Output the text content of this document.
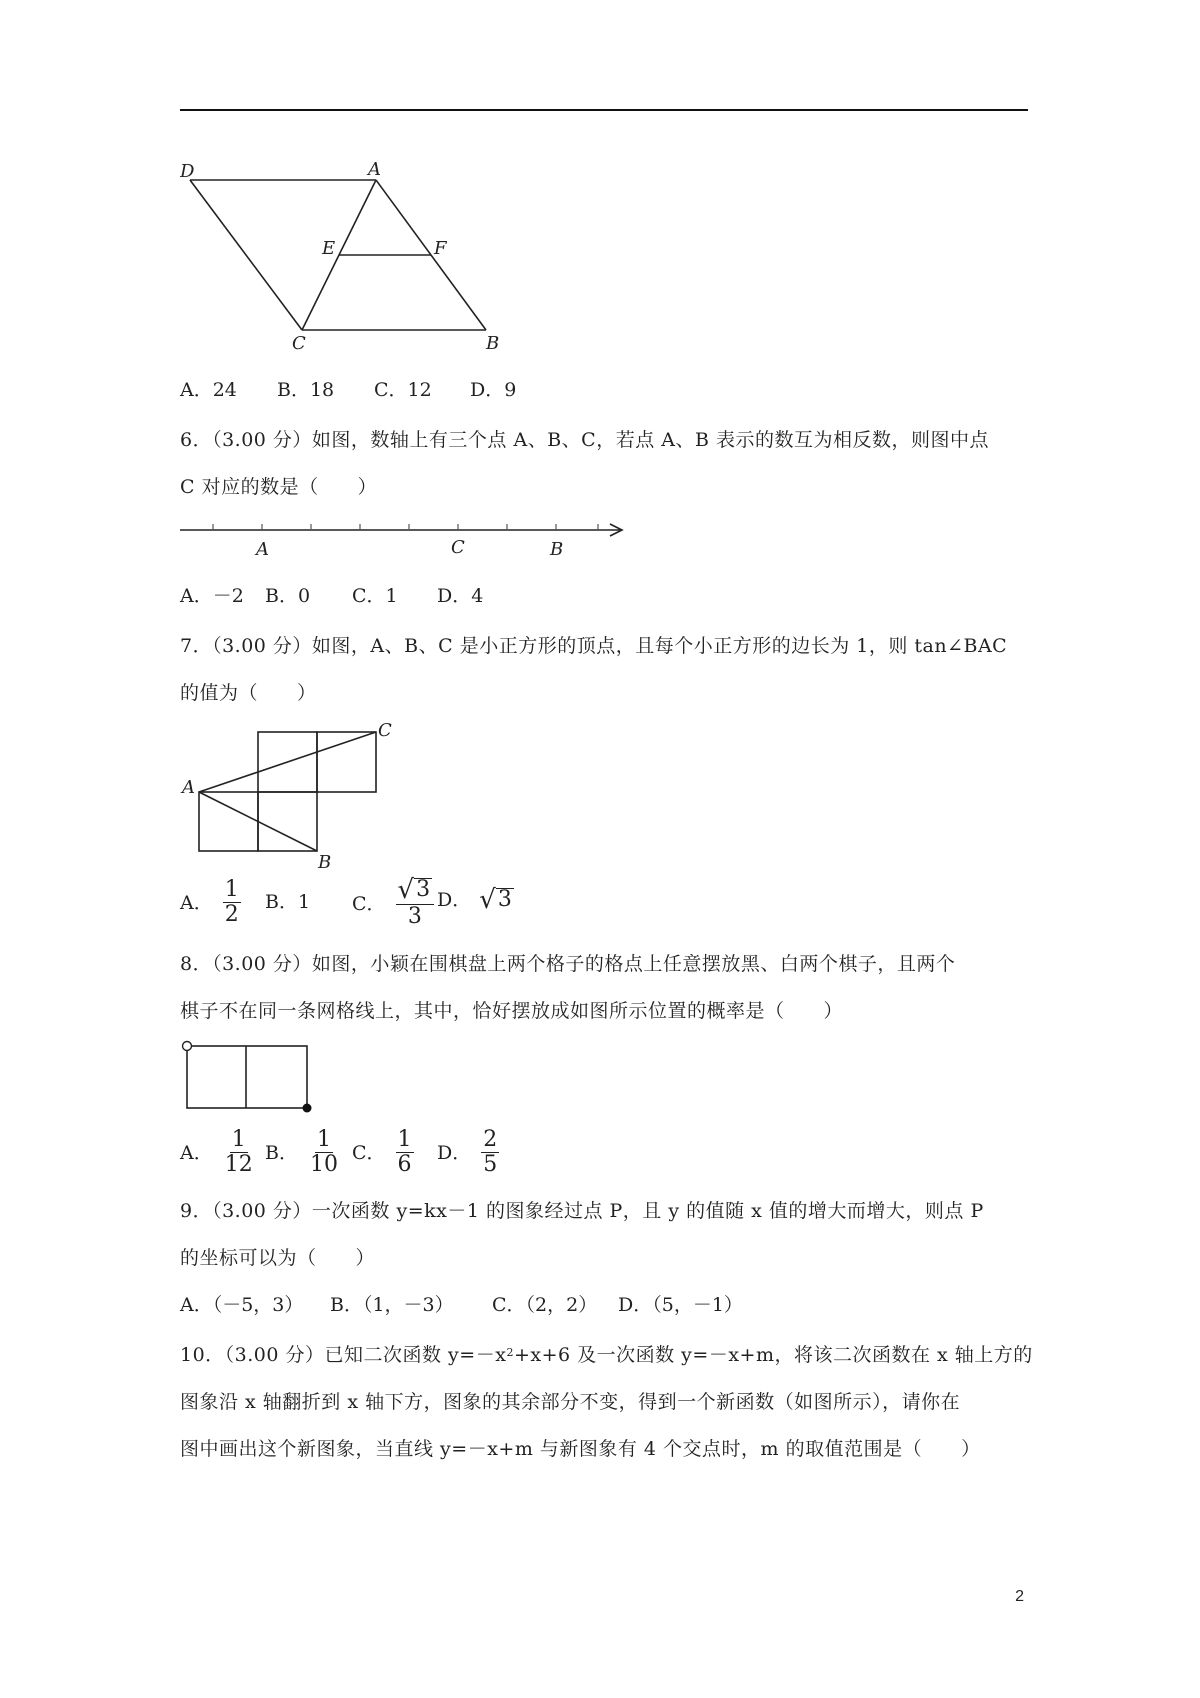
D	A
E	F
C	B
A．24 B．18 C．12 D．9
6．（3.00 分）如图，数轴上有三个点 A、B、C，若点 A、B 表示的数互为相反数，则图中点
C 对应的数是（　　）
A	C	B
A．－2 B．0 C．1 D．4
7．（3.00 分）如图，A、B、C 是小正方形的顶点，且每个小正方形的边长为 1，则 tan∠BAC
的值为（　　）
A
B
C
A． $\frac{1}{2}$ B．1 C． $\frac{√ 3}{3}$ D． √ 3
8．（3.00 分）如图，小颖在围棋盘上两个格子的格点上任意摆放黑、白两个棋子，且两个
棋子不在同一条网格线上，其中，恰好摆放成如图所示位置的概率是（　　）
A． $\frac{1}{12}$ B． $\frac{1}{10}$ C． $\frac{1}{6}$ D． $\frac{2}{5}$
9．（3.00 分）一次函数 y=kx－1 的图象经过点 P，且 y 的值随 x 值的增大而增大，则点 P
的坐标可以为（　　）
A．（－5，3） B．（1，－3） C．（2，2） D．（5，－1）
10．（3.00 分）已知二次函数 $y=-x^2+x+6$ 及一次函数 y=－x+m，将该二次函数在 x 轴上方的
图象沿 x 轴翻折到 x 轴下方，图象的其余部分不变，得到一个新函数（如图所示），请你在
图中画出这个新图象，当直线 y=－x+m 与新图象有 4 个交点时，m 的取值范围是（　　）
2
